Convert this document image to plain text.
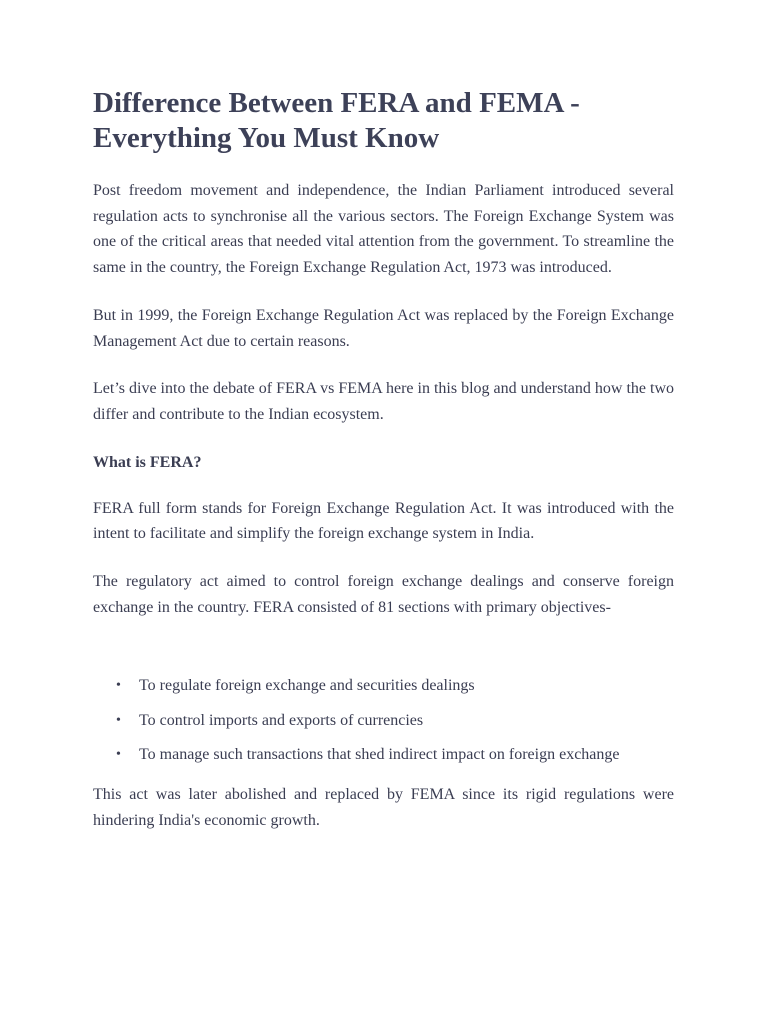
Difference Between FERA and FEMA - Everything You Must Know

Post freedom movement and independence, the Indian Parliament introduced several regulation acts to synchronise all the various sectors. The Foreign Exchange System was one of the critical areas that needed vital attention from the government. To streamline the same in the country, the Foreign Exchange Regulation Act, 1973 was introduced.

But in 1999, the Foreign Exchange Regulation Act was replaced by the Foreign Exchange Management Act due to certain reasons.

Let’s dive into the debate of FERA vs FEMA here in this blog and understand how the two differ and contribute to the Indian ecosystem.

What is FERA?

FERA full form stands for Foreign Exchange Regulation Act. It was introduced with the intent to facilitate and simplify the foreign exchange system in India.

The regulatory act aimed to control foreign exchange dealings and conserve foreign exchange in the country. FERA consisted of 81 sections with primary objectives-

• To regulate foreign exchange and securities dealings
• To control imports and exports of currencies
• To manage such transactions that shed indirect impact on foreign exchange

This act was later abolished and replaced by FEMA since its rigid regulations were hindering India's economic growth.
